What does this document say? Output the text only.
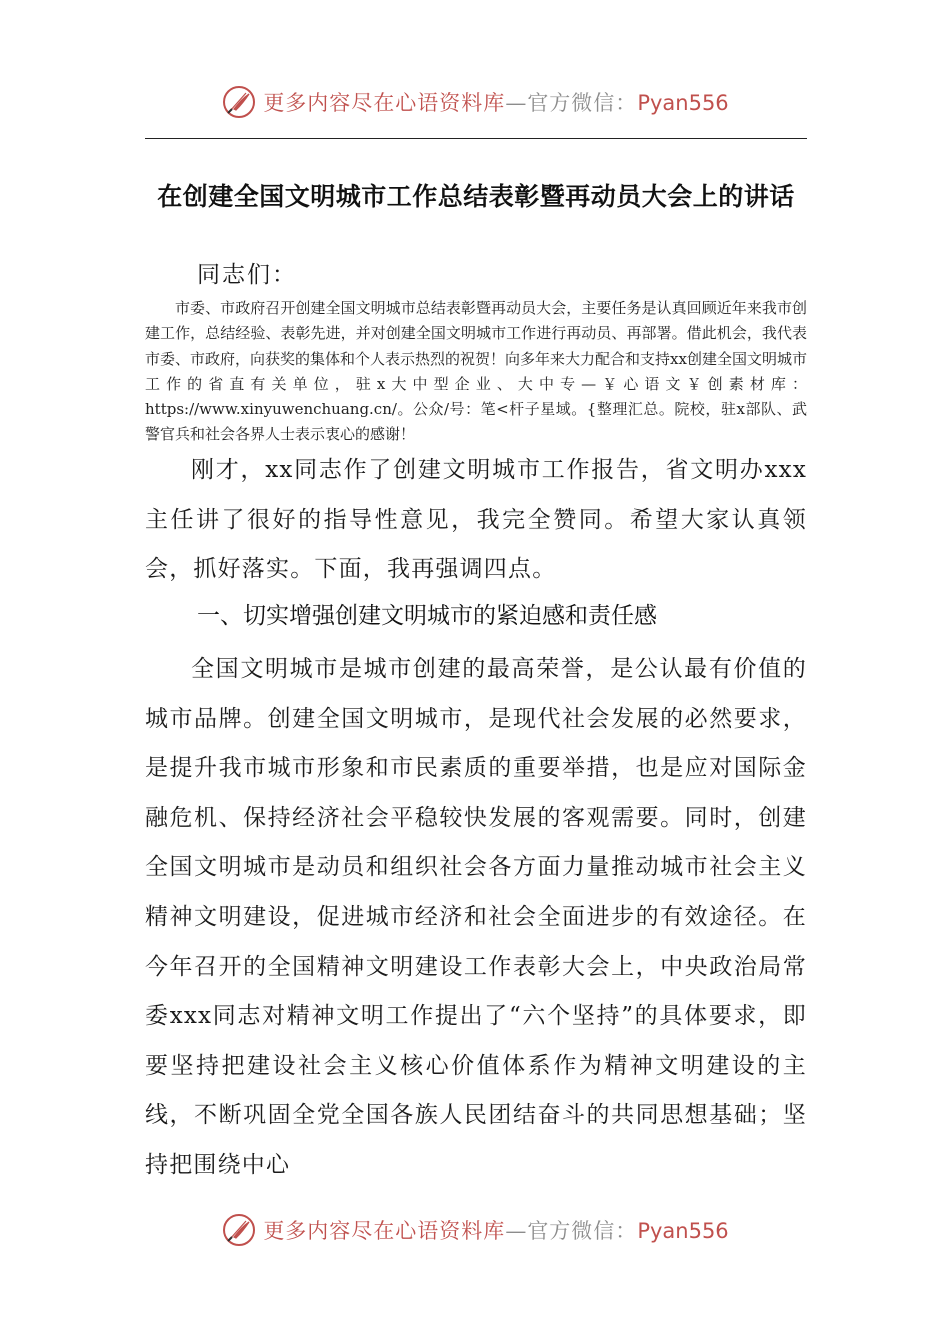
更多内容尽在心语资料库—官方微信：Pyan556
在创建全国文明城市工作总结表彰暨再动员大会上的讲话
同志们：
市委、市政府召开创建全国文明城市总结表彰暨再动员大会，主要任务是认真回顾近年来我市创建工作，总结经验、表彰先进，并对创建全国文明城市工作进行再动员、再部署。借此机会，我代表市委、市政府，向获奖的集体和个人表示热烈的祝贺！向多年来大力配合和支持xx创建全国文明城市工作的省直有关单位，驻x大中型企业、大中专—￥心语文￥创素材库：https://www.xinyuwenchuang.cn/。公众/号：笔<杆子星域。{整理汇总。院校，驻x部队、武警官兵和社会各界人士表示衷心的感谢！
刚才，xx同志作了创建文明城市工作报告，省文明办xxx主任讲了很好的指导性意见，我完全赞同。希望大家认真领会，抓好落实。下面，我再强调四点。
一、切实增强创建文明城市的紧迫感和责任感
全国文明城市是城市创建的最高荣誉，是公认最有价值的城市品牌。创建全国文明城市，是现代社会发展的必然要求，是提升我市城市形象和市民素质的重要举措，也是应对国际金融危机、保持经济社会平稳较快发展的客观需要。同时，创建全国文明城市是动员和组织社会各方面力量推动城市社会主义精神文明建设，促进城市经济和社会全面进步的有效途径。在今年召开的全国精神文明建设工作表彰大会上，中央政治局常委xxx同志对精神文明工作提出了“六个坚持”的具体要求，即要坚持把建设社会主义核心价值体系作为精神文明建设的主线，不断巩固全党全国各族人民团结奋斗的共同思想基础；坚持把围绕中心
更多内容尽在心语资料库—官方微信：Pyan556
